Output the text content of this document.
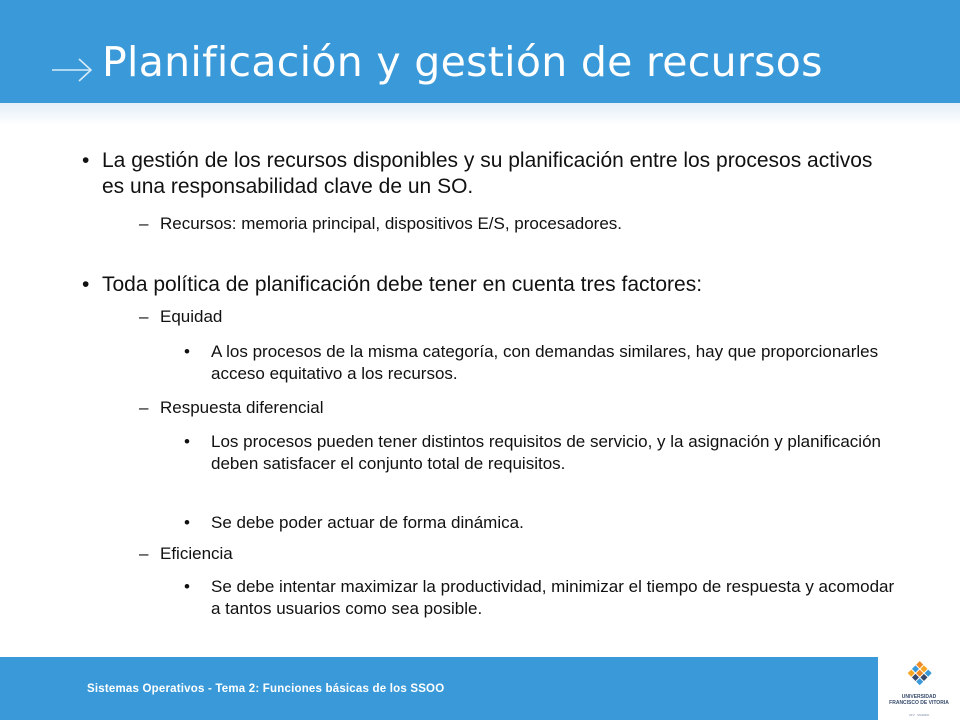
Planificación y gestión de recursos
• La gestión de los recursos disponibles y su planificación entre los procesos activos es una responsabilidad clave de un SO.
– Recursos: memoria principal, dispositivos E/S, procesadores.
• Toda política de planificación debe tener en cuenta tres factores:
– Equidad
• A los procesos de la misma categoría, con demandas similares, hay que proporcionarles acceso equitativo a los recursos.
– Respuesta diferencial
• Los procesos pueden tener distintos requisitos de servicio, y la asignación y planificación deben satisfacer el conjunto total de requisitos.
• Se debe poder actuar de forma dinámica.
– Eficiencia
• Se debe intentar maximizar la productividad, minimizar el tiempo de respuesta y acomodar a tantos usuarios como sea posible.
Sistemas Operativos - Tema 2: Funciones básicas de los SSOO
UNIVERSIDAD
FRANCISCO DE VITORIA
UFV · MADRID
